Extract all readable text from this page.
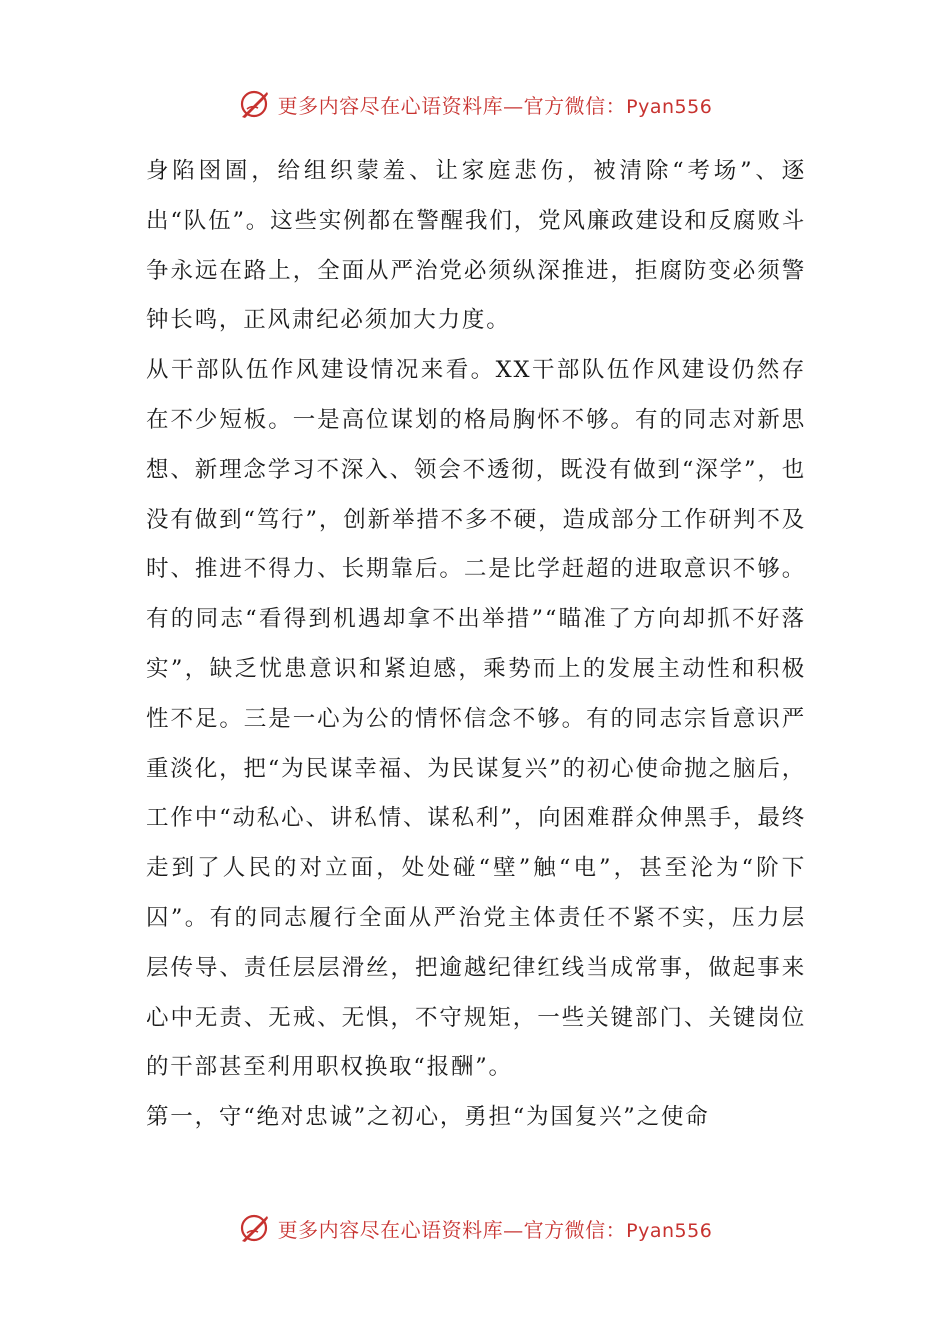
更多内容尽在心语资料库—官方微信：Pyan556

身陷囹圄，给组织蒙羞、让家庭悲伤，被清除“考场”、逐出“队伍”。这些实例都在警醒我们，党风廉政建设和反腐败斗争永远在路上，全面从严治党必须纵深推进，拒腐防变必须警钟长鸣，正风肃纪必须加大力度。

从干部队伍作风建设情况来看。XX干部队伍作风建设仍然存在不少短板。一是高位谋划的格局胸怀不够。有的同志对新思想、新理念学习不深入、领会不透彻，既没有做到“深学”，也没有做到“笃行”，创新举措不多不硬，造成部分工作研判不及时、推进不得力、长期靠后。二是比学赶超的进取意识不够。有的同志“看得到机遇却拿不出举措”“瞄准了方向却抓不好落实”，缺乏忧患意识和紧迫感，乘势而上的发展主动性和积极性不足。三是一心为公的情怀信念不够。有的同志宗旨意识严重淡化，把“为民谋幸福、为民谋复兴”的初心使命抛之脑后，工作中“动私心、讲私情、谋私利”，向困难群众伸黑手，最终走到了人民的对立面，处处碰“壁”触“电”，甚至沦为“阶下囚”。有的同志履行全面从严治党主体责任不紧不实，压力层层传导、责任层层滑丝，把逾越纪律红线当成常事，做起事来心中无责、无戒、无惧，不守规矩，一些关键部门、关键岗位的干部甚至利用职权换取“报酬”。

第一，守“绝对忠诚”之初心，勇担“为国复兴”之使命

更多内容尽在心语资料库—官方微信：Pyan556
